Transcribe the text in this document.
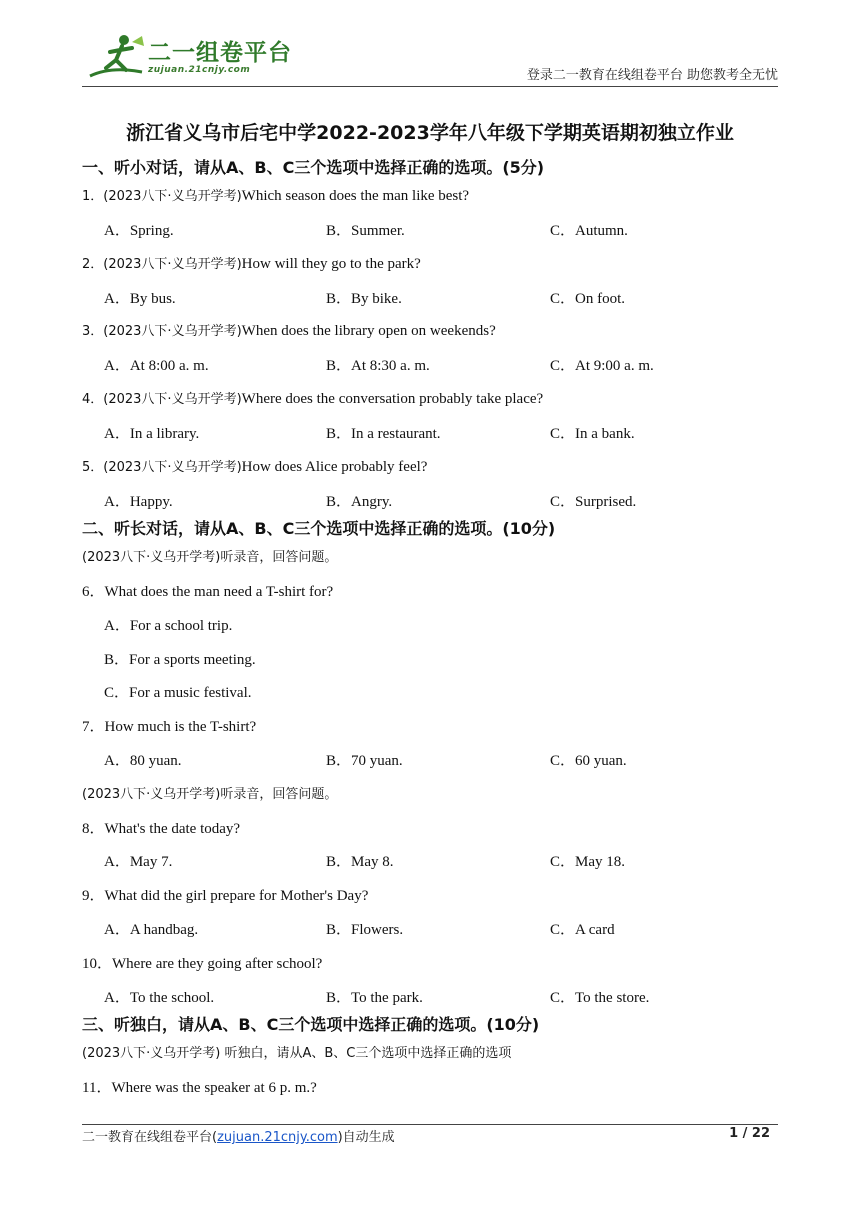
二一组卷平台
zujuan.21cnjy.com	登录二一教育在线组卷平台 助您教考全无忧
浙江省义乌市后宅中学2022-2023学年八年级下学期英语期初独立作业
一、听小对话，请从A、B、C三个选项中选择正确的选项。(5分)
1．(2023八下·义乌开学考)Which season does the man like best?
A．Spring.	B．Summer.	C．Autumn.
2．(2023八下·义乌开学考)How will they go to the park?
A．By bus.	B．By bike.	C．On foot.
3．(2023八下·义乌开学考)When does the library open on weekends?
A．At 8:00 a. m.	B．At 8:30 a. m.	C．At 9:00 a. m.
4．(2023八下·义乌开学考)Where does the conversation probably take place?
A．In a library.	B．In a restaurant.	C．In a bank.
5．(2023八下·义乌开学考)How does Alice probably feel?
A．Happy.	B．Angry.	C．Surprised.
二、听长对话，请从A、B、C三个选项中选择正确的选项。(10分)
(2023八下·义乌开学考)听录音，回答问题。
6．What does the man need a T-shirt for?
A．For a school trip.
B．For a sports meeting.
C．For a music festival.
7．How much is the T-shirt?
A．80 yuan.	B．70 yuan.	C．60 yuan.
(2023八下·义乌开学考)听录音，回答问题。
8．What's the date today?
A．May 7.	B．May 8.	C．May 18.
9．What did the girl prepare for Mother's Day?
A．A handbag.	B．Flowers.	C．A card
10．Where are they going after school?
A．To the school.	B．To the park.	C．To the store.
三、听独白，请从A、B、C三个选项中选择正确的选项。(10分)
(2023八下·义乌开学考) 听独白，请从A、B、C三个选项中选择正确的选项
11．Where was the speaker at 6 p. m.?
二一教育在线组卷平台(zujuan.21cnjy.com)自动生成	1 / 22
